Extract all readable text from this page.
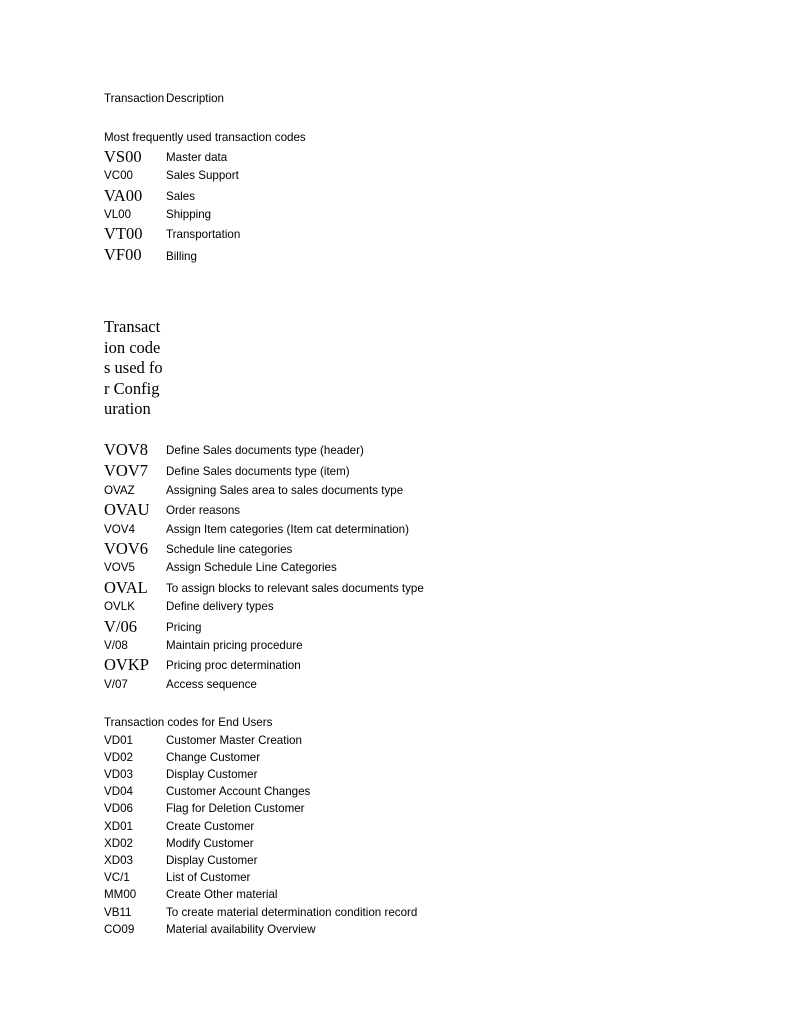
Transaction Description
Most frequently used transaction codes
VS00 Master data
VC00	Sales Support
VA00 Sales
VL00	Shipping
VT00 Transportation
VF00 Billing
Transaction codes used for Configuration
VOV8 Define Sales documents type (header)
VOV7 Define Sales documents type (item)
OVAZ	Assigning Sales area to sales documents type
OVAU Order reasons
VOV4	Assign Item categories (Item cat determination)
VOV6 Schedule line categories
VOV5	Assign Schedule Line Categories
OVAL To assign blocks to relevant sales documents type
OVLK	Define delivery types
V/06	Pricing
V/08	Maintain pricing procedure
OVKP Pricing proc determination
V/07	Access sequence
Transaction codes for End Users
VD01	Customer Master Creation
VD02	Change Customer
VD03	Display Customer
VD04	Customer Account Changes
VD06	Flag for Deletion Customer
XD01	Create Customer
XD02	Modify Customer
XD03	Display Customer
VC/1	List of Customer
MM00	Create Other material
VB11	To create material determination condition record
CO09	Material availability Overview
